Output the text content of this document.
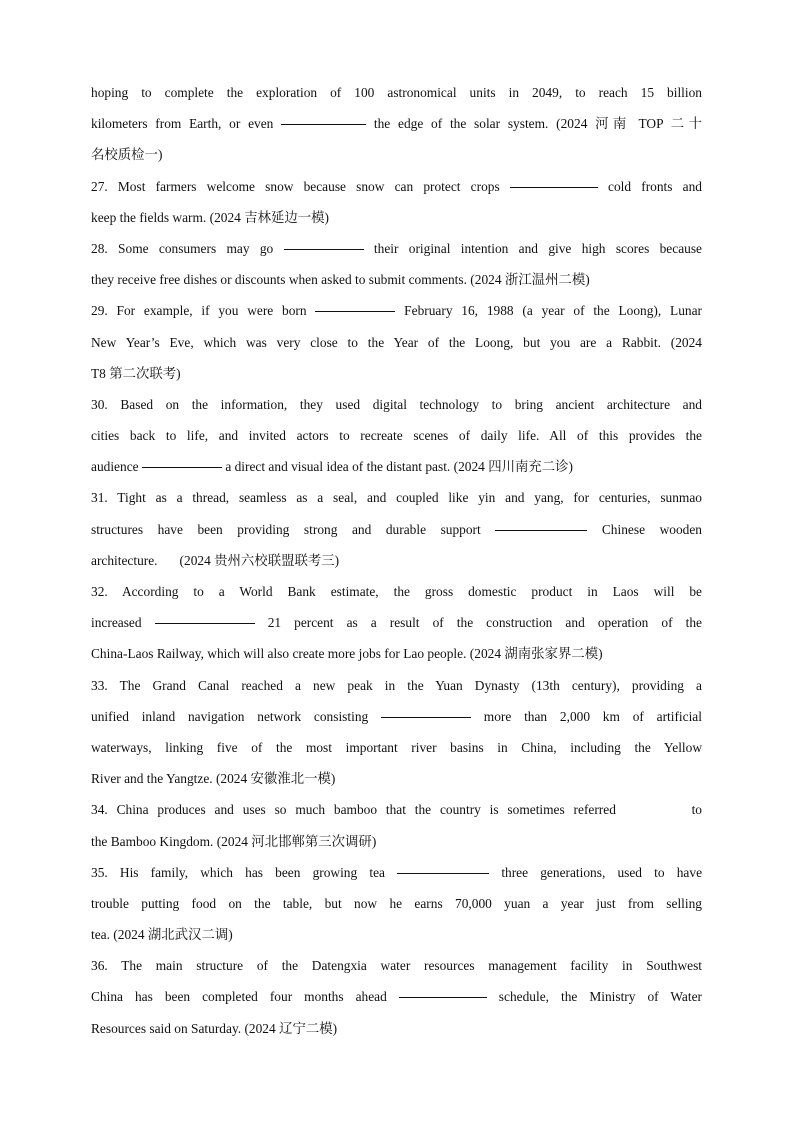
hoping to complete the exploration of 100 astronomical units in 2049, to reach 15 billion
kilometers from Earth, or even	the edge of the solar system. (2024 河南 TOP 二十
名校质检一)
27. Most farmers welcome snow because snow can protect crops	cold fronts and
keep the fields warm. (2024 吉林延边一模)
28. Some consumers may go	their original intention and give high scores because
they receive free dishes or discounts when asked to submit comments. (2024 浙江温州二模)
29. For example, if you were born	February 16, 1988 (a year of the Loong), Lunar
New Year’s Eve, which was very close to the Year of the Loong, but you are a Rabbit. (2024
T8 第二次联考)
30. Based on the information, they used digital technology to bring ancient architecture and
cities back to life, and invited actors to recreate scenes of daily life. All of this provides the
audience	a direct and visual idea of the distant past. (2024 四川南充二诊)
31. Tight as a thread, seamless as a seal, and coupled like yin and yang, for centuries, sunmao
structures have been providing strong and durable support	Chinese wooden
architecture. (2024 贵州六校联盟联考三)
32. According to a World Bank estimate, the gross domestic product in Laos will be
increased	21 percent as a result of the construction and operation of the
China-Laos Railway, which will also create more jobs for Lao people. (2024 湖南张家界二模)
33. The Grand Canal reached a new peak in the Yuan Dynasty (13th century), providing a
unified inland navigation network consisting	more than 2,000 km of artificial
waterways, linking five of the most important river basins in China, including the Yellow
River and the Yangtze. (2024 安徽淮北一模)
34. China produces and uses so much bamboo that the country is sometimes referred	to
the Bamboo Kingdom. (2024 河北邯郸第三次调研)
35. His family, which has been growing tea	three generations, used to have
trouble putting food on the table, but now he earns 70,000 yuan a year just from selling
tea. (2024 湖北武汉二调)
36. The main structure of the Datengxia water resources management facility in Southwest
China has been completed four months ahead	schedule, the Ministry of Water
Resources said on Saturday. (2024 辽宁二模)
